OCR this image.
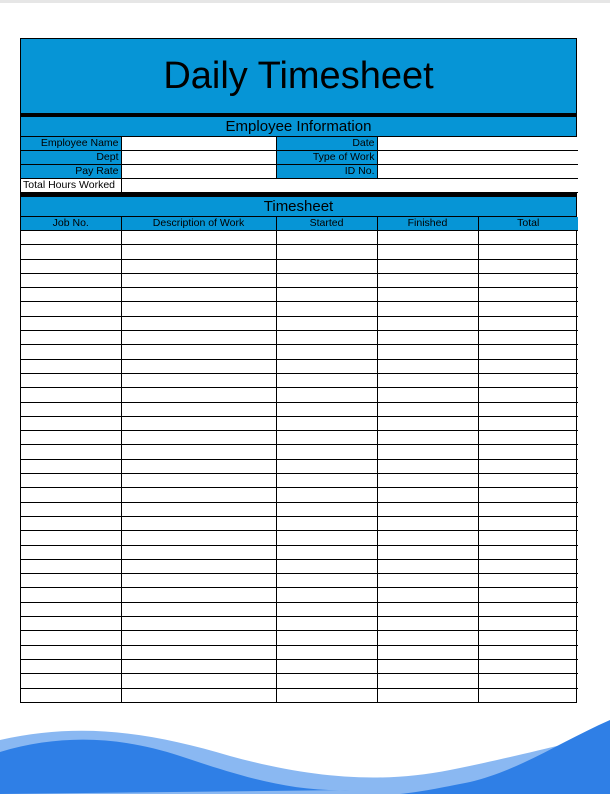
Daily Timesheet
Employee Information
Employee Name		Date	
Dept		Type of Work	
Pay Rate		ID No.	
Total Hours Worked			
Timesheet
Job No.	Description of Work	Started	Finished	Total
